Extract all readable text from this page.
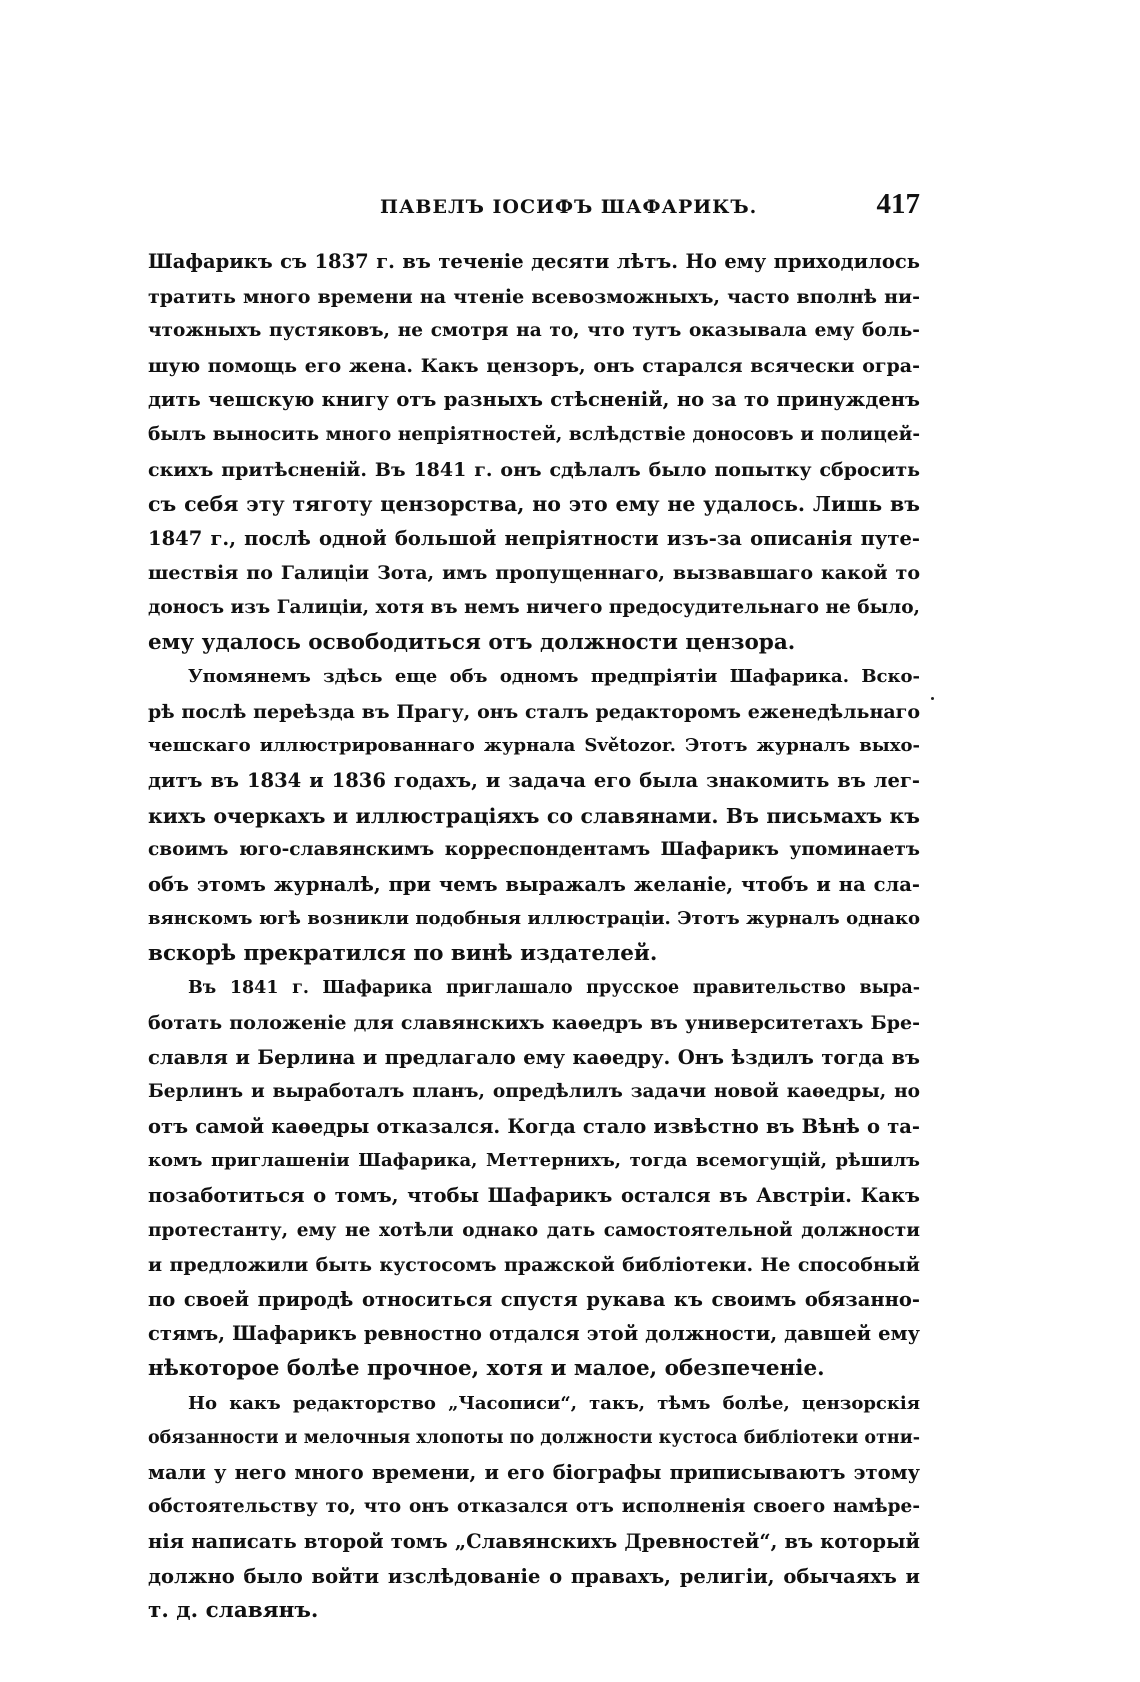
ПАВЕЛЪ ІОСИФЪ ШАФАРИКЪ.	417
Шафарикъ съ 1837 г. въ теченіе десяти лѣтъ. Но ему приходилось
тратить много времени на чтеніе всевозможныхъ, часто вполнѣ ни-
чтожныхъ пустяковъ, не смотря на то, что тутъ оказывала ему боль-
шую помощь его жена. Какъ цензоръ, онъ старался всячески огра-
дить чешскую книгу отъ разныхъ стѣсненій, но за то принужденъ
былъ выносить много непріятностей, вслѣдствіе доносовъ и полицей-
скихъ притѣсненій. Въ 1841 г. онъ сдѣлалъ было попытку сбросить
съ себя эту тяготу цензорства, но это ему не удалось. Лишь въ
1847 г., послѣ одной большой непріятности изъ-за описанія путе-
шествія по Галиціи Зота, имъ пропущеннаго, вызвавшаго какой то
доносъ изъ Галиціи, хотя въ немъ ничего предосудительнаго не было,
ему удалось освободиться отъ должности цензора.
Упомянемъ здѣсь еще объ одномъ предпріятіи Шафарика. Вско-
рѣ послѣ переѣзда въ Прагу, онъ сталъ редакторомъ еженедѣльнаго
чешскаго иллюстрированнаго журнала Světozor. Этотъ журналъ выхо-
дитъ въ 1834 и 1836 годахъ, и задача его была знакомить въ лег-
кихъ очеркахъ и иллюстраціяхъ со славянами. Въ письмахъ къ
своимъ юго-славянскимъ корреспондентамъ Шафарикъ упоминаетъ
объ этомъ журналѣ, при чемъ выражалъ желаніе, чтобъ и на сла-
вянскомъ югѣ возникли подобныя иллюстраціи. Этотъ журналъ однако
вскорѣ прекратился по винѣ издателей.
Въ 1841 г. Шафарика приглашало прусское правительство выра-
ботать положеніе для славянскихъ каѳедръ въ университетахъ Бре-
славля и Берлина и предлагало ему каѳедру. Онъ ѣздилъ тогда въ
Берлинъ и выработалъ планъ, опредѣлилъ задачи новой каѳедры, но
отъ самой каѳедры отказался. Когда стало извѣстно въ Вѣнѣ о та-
комъ приглашеніи Шафарика, Меттернихъ, тогда всемогущій, рѣшилъ
позаботиться о томъ, чтобы Шафарикъ остался въ Австріи. Какъ
протестанту, ему не хотѣли однако дать самостоятельной должности
и предложили быть кустосомъ пражской библіотеки. Не способный
по своей природѣ относиться спустя рукава къ своимъ обязанно-
стямъ, Шафарикъ ревностно отдался этой должности, давшей ему
нѣкоторое болѣе прочное, хотя и малое, обезпеченіе.
Но какъ редакторство „Часописи“, такъ, тѣмъ болѣе, цензорскія
обязанности и мелочныя хлопоты по должности кустоса библіотеки отни-
мали у него много времени, и его біографы приписываютъ этому
обстоятельству то, что онъ отказался отъ исполненія своего намѣре-
нія написать второй томъ „Славянскихъ Древностей“, въ который
должно было войти изслѣдованіе о правахъ, религіи, обычаяхъ и
т. д. славянъ.
